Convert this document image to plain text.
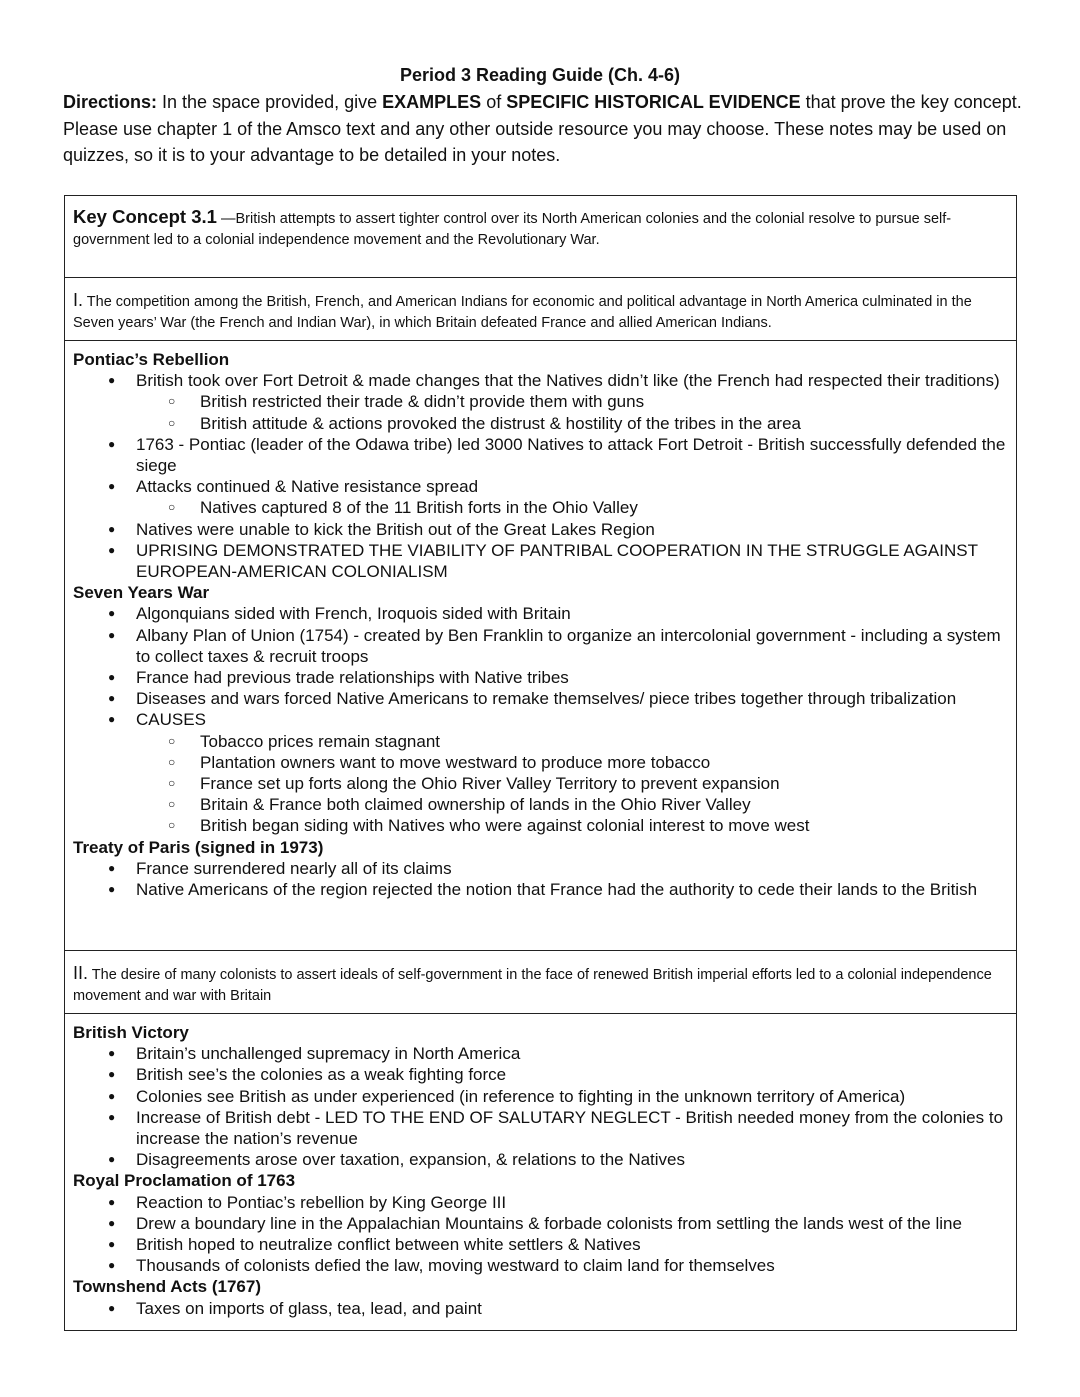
Period 3 Reading Guide (Ch. 4-6)
Directions: In the space provided, give EXAMPLES of SPECIFIC HISTORICAL EVIDENCE that prove the key concept. Please use chapter 1 of the Amsco text and any other outside resource you may choose. These notes may be used on quizzes, so it is to your advantage to be detailed in your notes.
Key Concept 3.1 —British attempts to assert tighter control over its North American colonies and the colonial resolve to pursue self-government led to a colonial independence movement and the Revolutionary War.
I. The competition among the British, French, and American Indians for economic and political advantage in North America culminated in the Seven years’ War (the French and Indian War), in which Britain defeated France and allied American Indians.
Pontiac’s Rebellion
● British took over Fort Detroit & made changes that the Natives didn’t like (the French had respected their traditions)
○ British restricted their trade & didn’t provide them with guns
○ British attitude & actions provoked the distrust & hostility of the tribes in the area
● 1763 - Pontiac (leader of the Odawa tribe) led 3000 Natives to attack Fort Detroit - British successfully defended the siege
● Attacks continued & Native resistance spread
○ Natives captured 8 of the 11 British forts in the Ohio Valley
● Natives were unable to kick the British out of the Great Lakes Region
● UPRISING DEMONSTRATED THE VIABILITY OF PANTRIBAL COOPERATION IN THE STRUGGLE AGAINST EUROPEAN-AMERICAN COLONIALISM
Seven Years War
● Algonquians sided with French, Iroquois sided with Britain
● Albany Plan of Union (1754) - created by Ben Franklin to organize an intercolonial government - including a system to collect taxes & recruit troops
● France had previous trade relationships with Native tribes
● Diseases and wars forced Native Americans to remake themselves/ piece tribes together through tribalization
● CAUSES
○ Tobacco prices remain stagnant
○ Plantation owners want to move westward to produce more tobacco
○ France set up forts along the Ohio River Valley Territory to prevent expansion
○ Britain & France both claimed ownership of lands in the Ohio River Valley
○ British began siding with Natives who were against colonial interest to move west
Treaty of Paris (signed in 1973)
● France surrendered nearly all of its claims
● Native Americans of the region rejected the notion that France had the authority to cede their lands to the British
II. The desire of many colonists to assert ideals of self-government in the face of renewed British imperial efforts led to a colonial independence movement and war with Britain
British Victory
● Britain’s unchallenged supremacy in North America
● British see’s the colonies as a weak fighting force
● Colonies see British as under experienced (in reference to fighting in the unknown territory of America)
● Increase of British debt - LED TO THE END OF SALUTARY NEGLECT - British needed money from the colonies to increase the nation’s revenue
● Disagreements arose over taxation, expansion, & relations to the Natives
Royal Proclamation of 1763
● Reaction to Pontiac’s rebellion by King George III
● Drew a boundary line in the Appalachian Mountains & forbade colonists from settling the lands west of the line
● British hoped to neutralize conflict between white settlers & Natives
● Thousands of colonists defied the law, moving westward to claim land for themselves
Townshend Acts (1767)
● Taxes on imports of glass, tea, lead, and paint
